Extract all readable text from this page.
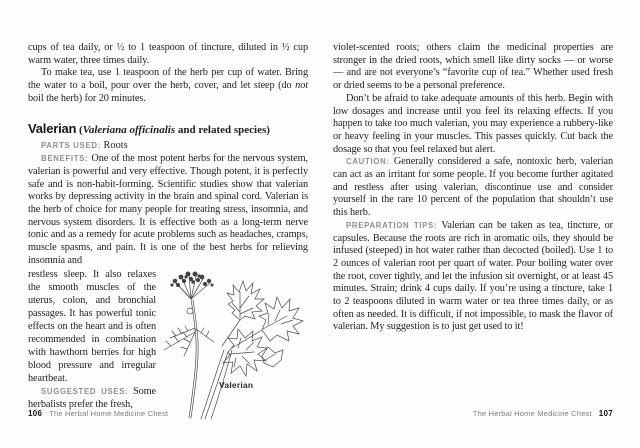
cups of tea daily, or ½ to 1 teaspoon of tincture, diluted in ½ cup warm water, three times daily.

To make tea, use 1 teaspoon of the herb per cup of water. Bring the water to a boil, pour over the herb, cover, and let steep (do not boil the herb) for 20 minutes.

Valerian (Valeriana officinalis and related species)

PARTS USED: Roots

BENEFITS: One of the most potent herbs for the nervous system, valerian is powerful and very effective. Though potent, it is perfectly safe and is non-habit-forming. Scientific studies show that valerian works by depressing activity in the brain and spinal cord. Valerian is the herb of choice for many people for treating stress, insomnia, and nervous system disorders. It is effective both as a long-term nerve tonic and as a remedy for acute problems such as headaches, cramps, muscle spasms, and pain. It is one of the best herbs for relieving insomnia and

restless sleep. It also relaxes the smooth muscles of the uterus, colon, and bronchial passages. It has powerful tonic effects on the heart and is often recommended in combination with hawthorn berries for high blood pressure and irregular heartbeat.

SUGGESTED USES: Some herbalists prefer the fresh,

Valerian

violet-scented roots; others claim the medicinal properties are stronger in the dried roots, which smell like dirty socks — or worse — and are not everyone’s “favorite cup of tea.” Whether used fresh or dried seems to be a personal preference.

Don’t be afraid to take adequate amounts of this herb. Begin with low dosages and increase until you feel its relaxing effects. If you happen to take too much valerian, you may experience a rubbery-like or heavy feeling in your muscles. This passes quickly. Cut back the dosage so that you feel relaxed but alert.

CAUTION: Generally considered a safe, nontoxic herb, valerian can act as an irritant for some people. If you become further agitated and restless after using valerian, discontinue use and consider yourself in the rare 10 percent of the population that shouldn’t use this herb.

PREPARATION TIPS: Valerian can be taken as tea, tincture, or capsules. Because the roots are rich in aromatic oils, they should be infused (steeped) in hot water rather than decocted (boiled). Use 1 to 2 ounces of valerian root per quart of water. Pour boiling water over the root, cover tightly, and let the infusion sit overnight, or at least 45 minutes. Strain; drink 4 cups daily. If you’re using a tincture, take 1 to 2 teaspoons diluted in warm water or tea three times daily, or as often as needed. It is difficult, if not impossible, to mask the flavor of valerian. My suggestion is to just get used to it!

106 The Herbal Home Medicine Chest	The Herbal Home Medicine Chest 107
